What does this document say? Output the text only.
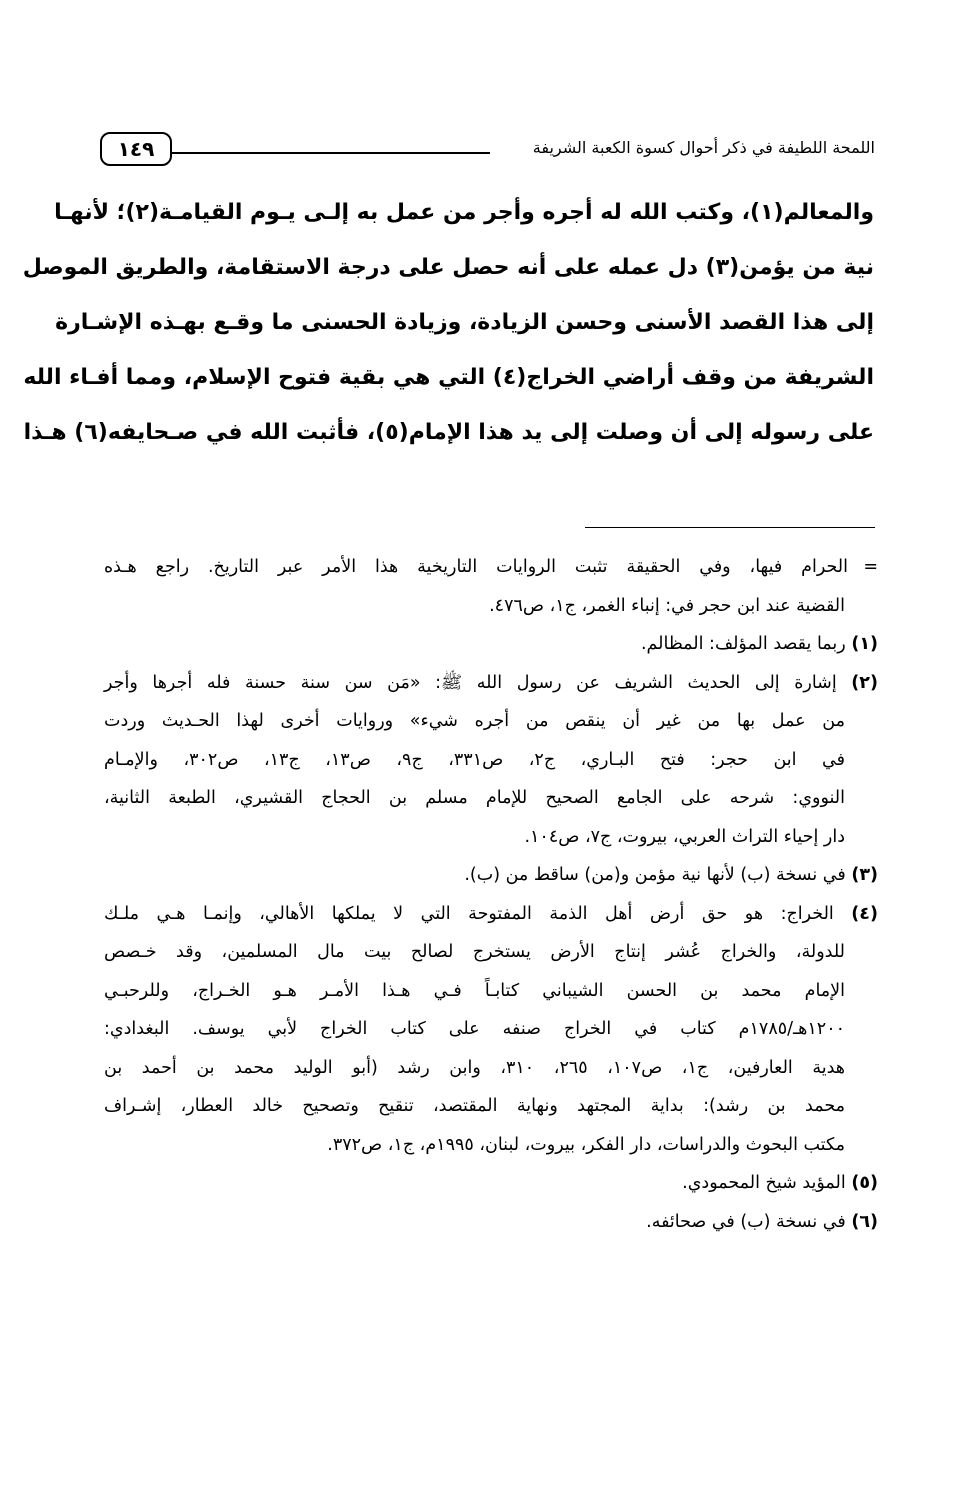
اللمحة اللطيفة في ذكر أحوال كسوة الكعبة الشريفة
١٤٩
والمعالم(١)، وكتب الله له أجره وأجر من عمل به إلـى يـوم القيامـة(٢)؛ لأنهـا
نية من يؤمن(٣) دل عمله على أنه حصل على درجة الاستقامة، والطريق الموصل
إلى هذا القصد الأسنى وحسن الزيادة، وزيادة الحسنى ما وقـع بهـذه الإشـارة
الشريفة من وقف أراضي الخراج(٤) التي هي بقية فتوح الإسلام، ومما أفـاء الله
على رسوله إلى أن وصلت إلى يد هذا الإمام(٥)، فأثبت الله في صـحايفه(٦) هـذا
=الحرام فيها، وفي الحقيقة تثبت الروايات التاريخية هذا الأمر عبر التاريخ. راجع هـذه
القضية عند ابن حجر في: إنباء الغمر، ج١، ص٤٧٦.
(١) ربما يقصد المؤلف: المظالم.
(٢) إشارة إلى الحديث الشريف عن رسول الله ﷺ: «مَن سن سنة حسنة فله أجرها وأجر
من عمل بها من غير أن ينقص من أجره شيء» وروايات أخرى لهذا الحـديث وردت
في ابن حجر: فتح البـاري، ج٢، ص٣٣١، ج٩، ص١٣، ج١٣، ص٣٠٢، والإمـام
النووي: شرحه على الجامع الصحيح للإمام مسلم بن الحجاج القشيري، الطبعة الثانية،
دار إحياء التراث العربي، بيروت، ج٧، ص١٠٤.
(٣) في نسخة (ب) لأنها نية مؤمن و(من) ساقط من (ب).
(٤) الخراج: هو حق أرض أهل الذمة المفتوحة التي لا يملكها الأهالي، وإنمـا هـي ملـك
للدولة، والخراج عُشر إنتاج الأرض يستخرج لصالح بيت مال المسلمين، وقد خـصص
الإمام محمد بن الحسن الشيباني كتابـاً فـي هـذا الأمـر هـو الخـراج، وللرحبـي
١٢٠٠هـ/١٧٨٥م كتاب في الخراج صنفه على كتاب الخراج لأبي يوسف. البغدادي:
هدية العارفين، ج١، ص١٠٧، ٢٦٥، ٣١٠، وابن رشد (أبو الوليد محمد بن أحمد بن
محمد بن رشد): بداية المجتهد ونهاية المقتصد، تنقيح وتصحيح خالد العطار، إشـراف
مكتب البحوث والدراسات، دار الفكر، بيروت، لبنان، ١٩٩٥م، ج١، ص٣٧٢.
(٥) المؤيد شيخ المحمودي.
(٦) في نسخة (ب) في صحائفه.
